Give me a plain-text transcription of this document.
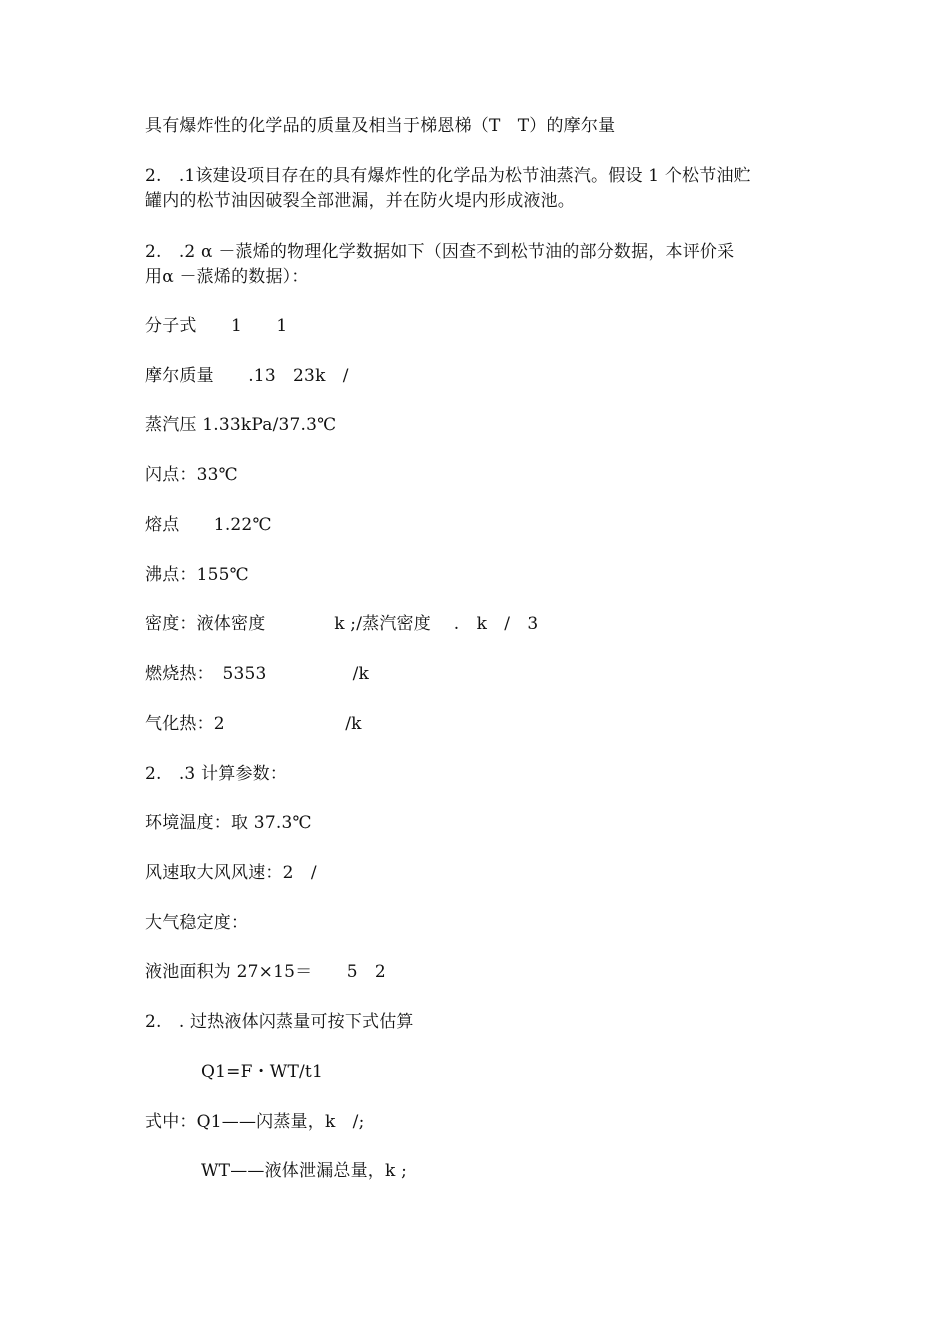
具有爆炸性的化学品的质量及相当于梯恩梯（T　T）的摩尔量
2.　.1该建设项目存在的具有爆炸性的化学品为松节油蒸汽。假设 1 个松节油贮
罐内的松节油因破裂全部泄漏，并在防火堤内形成液池。
2.　.2 α －蒎烯的物理化学数据如下（因查不到松节油的部分数据，本评价采
用α －蒎烯的数据）：
分子式　　1　　1
摩尔质量　　.13　23k　/
蒸汽压 1.33kPa/37.3℃
闪点：33℃
熔点　　1.22℃
沸点：155℃
密度：液体密度　　　　k ;/蒸汽密度　 .　k　/　3
燃烧热：　5353　　　　　/k
气化热：2　　　　　　　/k
2.　.3 计算参数：
环境温度：取 37.3℃
风速取大风风速：2　/
大气稳定度：
液池面积为 27×15＝　　5　2
2.　. 过热液体闪蒸量可按下式估算
Q1=F・WT/t1
式中：Q1——闪蒸量，k　/;
WT——液体泄漏总量，k ;
